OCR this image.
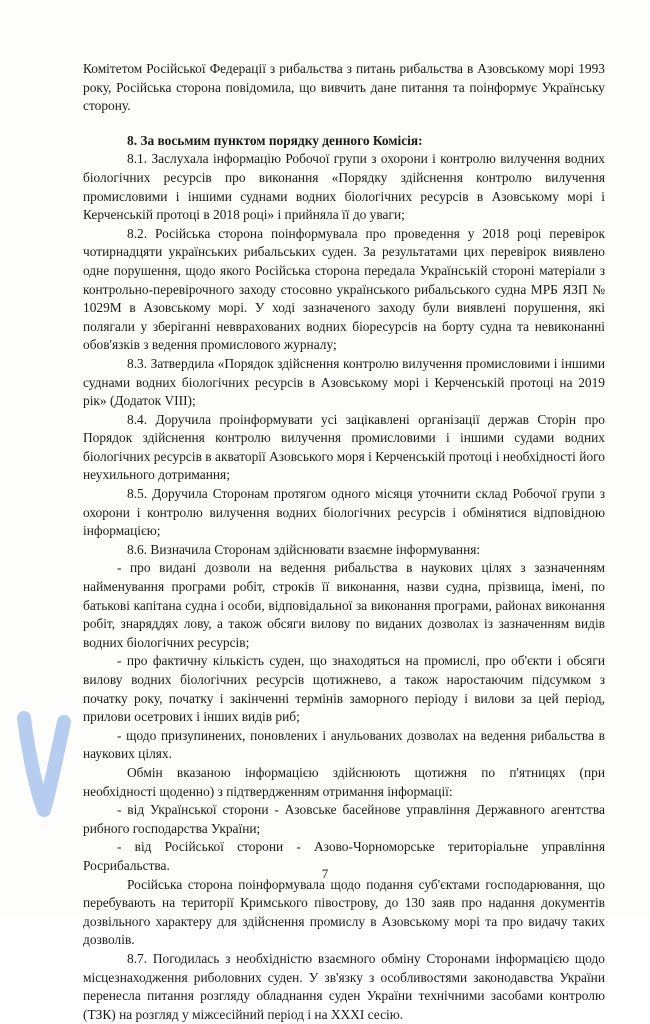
Комітетом Російської Федерації з рибальства з питань рибальства в Азовському морі 1993 року, Російська сторона повідомила, що вивчить дане питання та поінформує Українську сторону.

8. За восьмим пунктом порядку денного Комісія:

8.1. Заслухала інформацію Робочої групи з охорони і контролю вилучення водних біологічних ресурсів про виконання «Порядку здійснення контролю вилучення промисловими і іншими суднами водних біологічних ресурсів в Азовському морі і Керченській протоці в 2018 році» і прийняла її до уваги;

8.2. Російська сторона поінформувала про проведення у 2018 році перевірок чотирнадцяти українських рибальських суден. За результатами цих перевірок виявлено одне порушення, щодо якого Російська сторона передала Українській стороні матеріали з контрольно-перевірочного заходу стосовно українського рибальського судна МРБ ЯЗП № 1029М в Азовському морі. У ході зазначеного заходу були виявлені порушення, які полягали у зберіганні невврахованих водних біоресурсів на борту судна та невиконанні обов'язків з ведення промислового журналу;

8.3. Затвердила «Порядок здійснення контролю вилучення промисловими і іншими суднами водних біологічних ресурсів в Азовському морі і Керченській протоці на 2019 рік» (Додаток VIII);

8.4. Доручила проінформувати усі зацікавлені організації держав Сторін про Порядок здійснення контролю вилучення промисловими і іншими судами водних біологічних ресурсів в акваторії Азовського моря і Керченській протоці і необхідності його неухильного дотримання;

8.5. Доручила Сторонам протягом одного місяця уточнити склад Робочої групи з охорони і контролю вилучення водних біологічних ресурсів і обмінятися відповідною інформацією;

8.6. Визначила Сторонам здійснювати взаємне інформування:

- про видані дозволи на ведення рибальства в наукових цілях з зазначенням найменування програми робіт, строків її виконання, назви судна, прізвища, імені, по батькові капітана судна і особи, відповідальної за виконання програми, районах виконання робіт, знаряддях лову, а також обсяги вилову по виданих дозволах із зазначенням видів водних біологічних ресурсів;

- про фактичну кількість суден, що знаходяться на промислі, про об'єкти і обсяги вилову водних біологічних ресурсів щотижнево, а також наростаючим підсумком з початку року, початку і закінченні термінів заморного періоду і вилови за цей період, прилови осетрових і інших видів риб;

- щодо призупинених, поновлених і анульованих дозволах на ведення рибальства в наукових цілях.

Обмін вказаною інформацією здійснюють щотижня по п'ятницях (при необхідності щоденно) з підтвердженням отримання інформації:

- від Української сторони - Азовське басейнове управління Державного агентства рибного господарства України;

- від Російської сторони - Азово-Чорноморське територіальне управління Росрибальства.

Російська сторона поінформувала щодо подання суб'єктами господарювання, що перебувають на території Кримського півострову, до 130 заяв про надання документів дозвільного характеру для здійснення промислу в Азовському морі та про видачу таких дозволів.

8.7. Погодилась з необхідністю взаємного обміну Сторонами інформацією щодо місцезнаходження риболовних суден. У зв'язку з особливостями законодавства України перенесла питання розгляду обладнання суден України технічними засобами контролю (ТЗК) на розгляд у міжсесійний період і на XXXI сесію.

7
